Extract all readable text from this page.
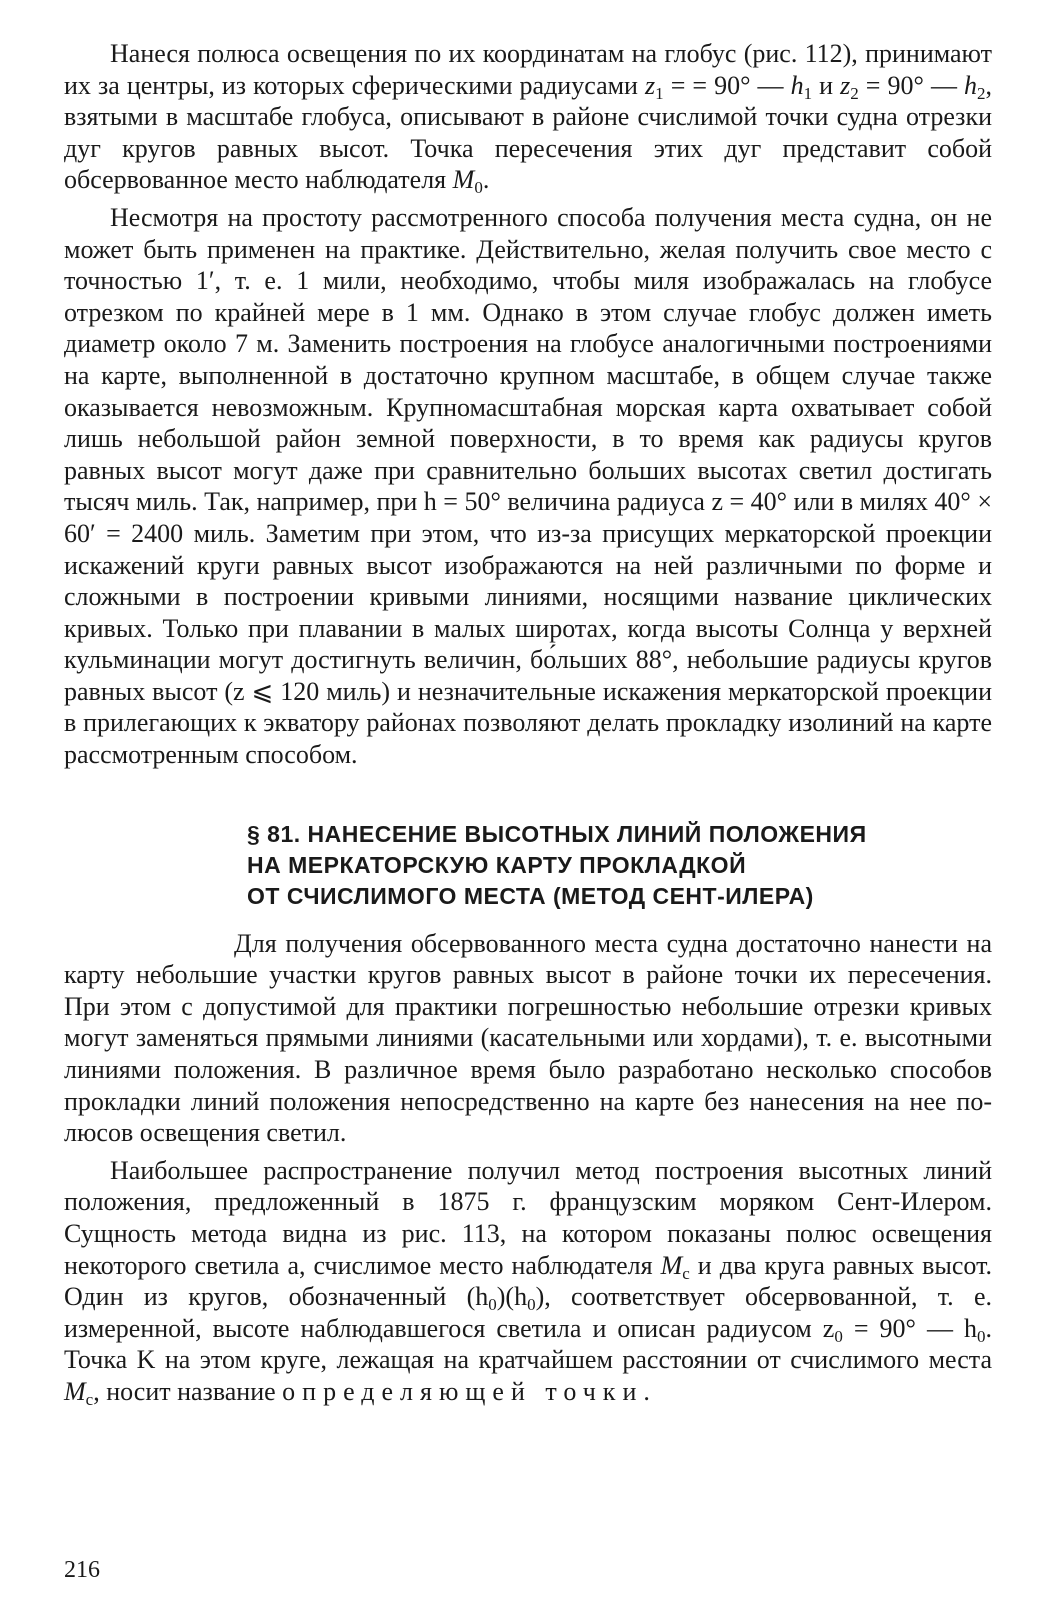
Нанеся полюса освещения по их координатам на глобус (рис. 112), принимают их за центры, из которых сферическими радиусами $z_1$ = = 90° — $h_1$ и $z_2 = 90^\circ$ — $h_2$, взятыми в масштабе глобуса, описывают в районе счислимой точки судна отрезки дуг кругов равных высот. Точка пересечения этих дуг представит собой обсервованное место наблюдателя $M_0$.

Несмотря на простоту рассмотренного способа получения места судна, он не может быть применен на практике. Действительно, желая получить свое место с точностью 1′, т. е. 1 мили, необходимо, чтобы миля изображалась на глобусе отрезком по крайней мере в 1 мм. Однако в этом случае глобус должен иметь диаметр около 7 м. Заменить построения на глобусе аналогичными построениями на карте, выполненной в достаточно крупном масштабе, в общем случае также оказывается невозможным. Крупномасштабная морская карта охватывает собой лишь небольшой район земной поверхности, в то время как радиусы кругов равных высот могут даже при сравнительно больших высотах светил достигать тысяч миль. Так, например, при h = 50° величина радиуса z = 40° или в милях 40° × 60′ = 2400 миль. Заметим при этом, что из-за присущих меркаторской проекции искажений круги равных высот изображаются на ней различными по форме и сложными в построении кривыми линиями, носящими название циклических кривых. Только при плавании в малых широтах, когда высоты Солнца у верхней кульминации могут достигнуть величин, бо́льших 88°, небольшие радиусы кругов равных высот (z ⩽ 120 миль) и незначительные искажения меркаторской проекции в прилегающих к экватору районах позволяют делать прокладку изолиний на карте рассмотренным способом.

§ 81. НАНЕСЕНИЕ ВЫСОТНЫХ ЛИНИЙ ПОЛОЖЕНИЯ
НА МЕРКАТОРСКУЮ КАРТУ ПРОКЛАДКОЙ
ОТ СЧИСЛИМОГО МЕСТА (МЕТОД СЕНТ-ИЛЕРА)

Для получения обсервованного места судна достаточно нанести на карту небольшие участки кругов равных высот в районе точки их пересечения. При этом с допустимой для практики погрешностью небольшие отрезки кривых могут заменяться прямыми линиями (касательными или хордами), т. е. высотными линиями положения. В различное время было разработано несколько способов прокладки линий положения непосредственно на карте без нанесения на нее полюсов освещения светил.

Наибольшее распространение получил метод построения высотных линий положения, предложенный в 1875 г. французским моряком Сент-Илером. Сущность метода видна из рис. 113, на котором показаны полюс освещения некоторого светила a, счислимое место наблюдателя $M_c$ и два круга равных высот. Один из кругов, обозначенный $(h_0)(h_0)$, соответствует обсервованной, т. е. измеренной, высоте наблюдавшегося светила и описан радиусом $z_0 = 90^\circ$ — $h_0$. Точка K на этом круге, лежащая на кратчайшем расстоянии от счислимого места $M_c$, носит название определяющей точки.

216
